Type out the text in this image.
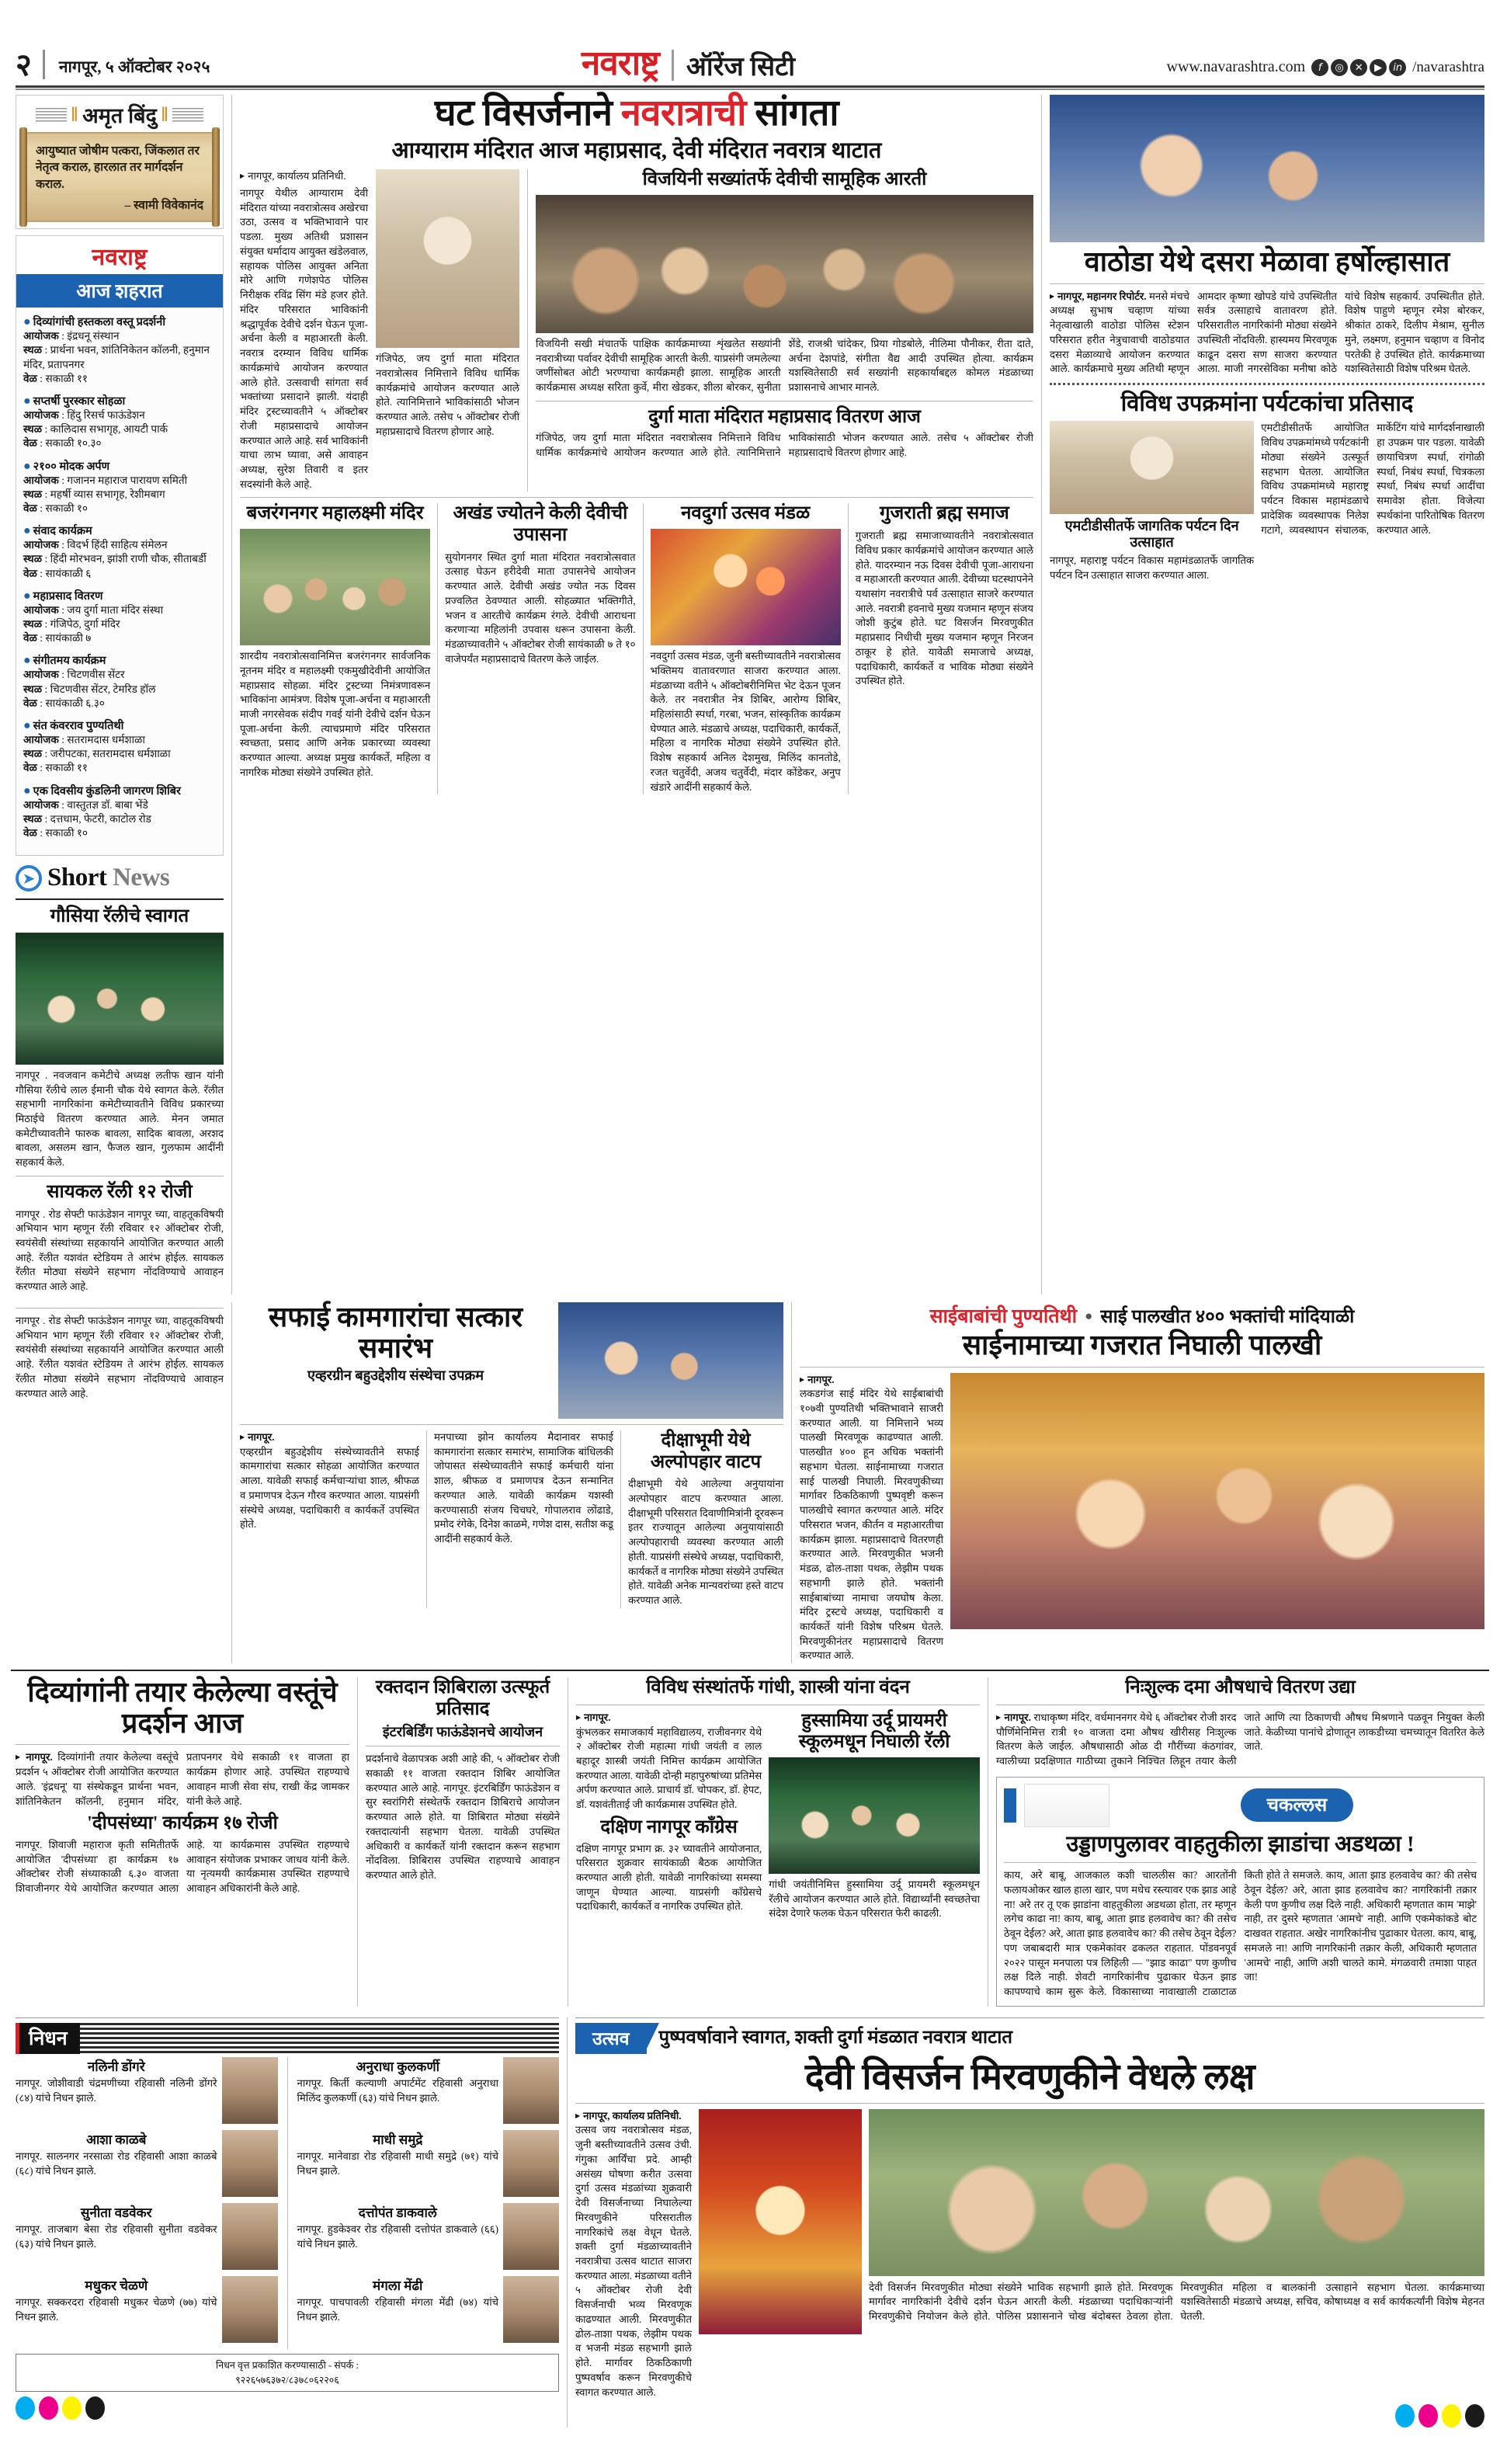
२ नागपूर, ५ ऑक्टोबर २०२५	नवराष्ट्र ऑरेंज सिटी	www.navarashtra.com	f	◎	✕	▶	in /navarashtra
‖ अमृत बिंदु ‖
आयुष्यात जोषीम पत्करा, जिंकलात तर नेतृत्व कराल, हारलात तर मार्गदर्शन कराल.
– स्वामी विवेकानंद
नवराष्ट्र
आज शहरात
● दिव्यांगांची हस्तकला वस्तू प्रदर्शनी
आयोजक : इंद्रधनू संस्थान
स्थळ : प्रार्थना भवन, शांतिनिकेतन कॉलनी, हनुमान मंदिर, प्रतापनगर
वेळ : सकाळी ११
● सप्तर्षी पुरस्कार सोहळा
आयोजक : हिंदु रिसर्च फाऊंडेशन
स्थळ : कालिदास सभागृह, आयटी पार्क
वेळ : सकाळी १०.३०
● २१०० मोदक अर्पण
आयोजक : गजानन महाराज पारायण समिती
स्थळ : महर्षी व्यास सभागृह, रेशीमबाग
वेळ : सकाळी १०
● संवाद कार्यक्रम
आयोजक : विदर्भ हिंदी साहित्य संमेलन
स्थळ : हिंदी मोरभवन, झांशी राणी चौक, सीताबर्डी
वेळ : सायंकाळी ६
● महाप्रसाद वितरण
आयोजक : जय दुर्गा माता मंदिर संस्था
स्थळ : गंजिपेठ, दुर्गा मंदिर
वेळ : सायंकाळी ७
● संगीतमय कार्यक्रम
आयोजक : चिटणवीस सेंटर
स्थळ : चिटणवीस सेंटर, टेमरिड हॉल
वेळ : सायंकाळी ६.३०
● संत कंवरराव पुण्यतिथी
आयोजक : सतरामदास धर्मशाळा
स्थळ : जरीपटका, सतरामदास धर्मशाळा
वेळ : सकाळी ११
● एक दिवसीय कुंडलिनी जागरण शिबिर
आयोजक : वास्तुतज्ञ डॉ. बाबा भेंडे
स्थळ : दत्तधाम, फेटरी, काटोल रोड
वेळ : सकाळी १०
➤ Short News
गौसिया रॅलीचे स्वागत
नागपूर . नवजवान कमेटीचे अध्यक्ष लतीफ खान यांनी गौसिया रॅलीचे लाल ईमानी चौक येथे स्वागत केले. रॅलीत सहभागी नागरिकांना कमेटीच्यावतीने विविध प्रकारच्या मिठाईचे वितरण करण्यात आले. मेनन जमात कमेटीच्यावतीने फारुक बावला, सादिक बावला, अरशद बावला, असलम खान, फैजल खान, गुलफाम आदींनी सहकार्य केले.
सायकल रॅली १२ रोजी
नागपूर . रोड सेफ्टी फाऊंडेशन नागपूर च्या, वाहतूकविषयी अभियान भाग म्हणून रॅली रविवार १२ ऑक्टोबर रोजी, स्वयंसेवी संस्थांच्या सहकार्याने आयोजित करण्यात आली आहे. रॅलीत यशवंत स्टेडियम ते आरंभ होईल. सायकल रॅलीत मोठ्या संख्येने सहभाग नोंदविण्याचे आवाहन करण्यात आले आहे.
घट विसर्जनाने नवरात्राची सांगता
आग्याराम मंदिरात आज महाप्रसाद, देवी मंदिरात नवरात्र थाटात
▶ नागपूर, कार्यालय प्रतिनिधी.
नागपूर येथील आग्याराम देवी मंदिरात यांच्या नवरात्रोत्सव अखेरचा उठा, उत्सव व भक्तिभावाने पार पडला. मुख्य अतिथी प्रशासन संयुक्त धर्मादाय आयुक्त खंडेलवाल, सहायक पोलिस आयुक्त अनिता मोरे आणि गणेशपेठ पोलिस निरीक्षक रविंद्र सिंग मंडे हजर होते. मंदिर परिसरात भाविकांनी श्रद्धापूर्वक देवीचे दर्शन घेऊन पूजा-अर्चना केली व महाआरती केली. नवरात्र दरम्यान विविध धार्मिक कार्यक्रमांचे आयोजन करण्यात आले होते. उत्सवाची सांगता सर्व भक्तांच्या प्रसादाने झाली. यंदाही मंदिर ट्रस्टच्यावतीने ५ ऑक्टोबर रोजी महाप्रसादाचे आयोजन करण्यात आले आहे. सर्व भाविकांनी याचा लाभ घ्यावा, असे आवाहन अध्यक्ष, सुरेश तिवारी व इतर सदस्यांनी केले आहे.
गंजिपेठ, जय दुर्गा माता मंदिरात नवरात्रोत्सव निमित्ताने विविध धार्मिक कार्यक्रमांचे आयोजन करण्यात आले होते. त्यानिमित्ताने भाविकांसाठी भोजन करण्यात आले. तसेच ५ ऑक्टोबर रोजी महाप्रसादाचे वितरण होणार आहे.
विजयिनी सख्यांतर्फे देवीची सामूहिक आरती
विजयिनी सखी मंचातर्फे पाक्षिक कार्यक्रमाच्या शृंखलेत सख्यांनी नवरात्रीच्या पर्वावर देवीची सामूहिक आरती केली. याप्रसंगी जमलेल्या जणींसोबत ओटी भरण्याचा कार्यक्रमही झाला. सामूहिक आरती कार्यक्रमास अध्यक्ष सरिता कुर्वे, मीरा खेडकर, शीला बोरकर, सुनीता शेंडे, राजश्री चांदेकर, प्रिया गोडबोले, नीलिमा पौनीकर, रीता दाते, अर्चना देशपांडे, संगीता वैद्य आदी उपस्थित होत्या. कार्यक्रम यशस्वितेसाठी सर्व सख्यांनी सहकार्याबद्दल कोमल मंडळाच्या प्रशासनाचे आभार मानले.
दुर्गा माता मंदिरात महाप्रसाद वितरण आज
गंजिपेठ, जय दुर्गा माता मंदिरात नवरात्रोत्सव निमित्ताने विविध धार्मिक कार्यक्रमांचे आयोजन करण्यात आले होते. त्यानिमित्ताने भाविकांसाठी भोजन करण्यात आले. तसेच ५ ऑक्टोबर रोजी महाप्रसादाचे वितरण होणार आहे.
बजरंगनगर महालक्ष्मी मंदिर
शारदीय नवरात्रोत्सवानिमित्त बजरंगनगर सार्वजनिक नूतनम मंदिर व महालक्ष्मी एकमुखीदेवीनी आयोजित महाप्रसाद सोहळा. मंदिर ट्रस्टच्या निमंत्रणावरून भाविकांना आमंत्रण. विशेष पूजा-अर्चना व महाआरती माजी नगरसेवक संदीप गवई यांनी देवीचे दर्शन घेऊन पूजा-अर्चना केली. त्याचप्रमाणे मंदिर परिसरात स्वच्छता, प्रसाद आणि अनेक प्रकारच्या व्यवस्था करण्यात आल्या. अध्यक्ष प्रमुख कार्यकर्ते, महिला व नागरिक मोठ्या संख्येने उपस्थित होते.
अखंड ज्योतने केली देवीची उपासना
सुयोगनगर स्थित दुर्गा माता मंदिरात नवरात्रोत्सवात उत्साह घेऊन हरीदेवी माता उपासनेचे आयोजन करण्यात आले. देवीची अखंड ज्योत नऊ दिवस प्रज्वलित ठेवण्यात आली. सोहळ्यात भक्तिगीते, भजन व आरतीचे कार्यक्रम रंगले. देवीची आराधना करणाऱ्या महिलांनी उपवास धरून उपासना केली. मंडळाच्यावतीने ५ ऑक्टोबर रोजी सायंकाळी ७ ते १० वाजेपर्यंत महाप्रसादाचे वितरण केले जाईल.
नवदुर्गा उत्सव मंडळ
नवदुर्गा उत्सव मंडळ, जुनी बस्तीच्यावतीने नवरात्रोत्सव भक्तिमय वातावरणात साजरा करण्यात आला. मंडळाच्या वतीने ५ ऑक्टोबरीनिमित्त भेट देऊन पूजन केले. तर नवरात्रीत नेत्र शिबिर, आरोग्य शिबिर, महिलांसाठी स्पर्धा, गरबा, भजन, सांस्कृतिक कार्यक्रम घेण्यात आले. मंडळाचे अध्यक्ष, पदाधिकारी, कार्यकर्ते, महिला व नागरिक मोठ्या संख्येने उपस्थित होते. विशेष सहकार्य अनिल देशमुख, मिलिंद कानतोडे, रजत चतुर्वेदी, अजय चतुर्वेदी, मंदार कोंडेकर, अनुप खंडारे आदींनी सहकार्य केले.
गुजराती ब्रह्म समाज
गुजराती ब्रह्म समाजाच्यावतीने नवरात्रोत्सवात विविध प्रकार कार्यक्रमांचे आयोजन करण्यात आले होते. यादरम्यान नऊ दिवस देवीची पूजा-आराधना व महाआरती करण्यात आली. देवीच्या घटस्थापनेने यथासांग नवरात्रीचे पर्व उत्साहात साजरे करण्यात आले. नवरात्री हवनाचे मुख्य यजमान म्हणून संजय जोशी कुटुंब होते. घट विसर्जन मिरवणुकीत महाप्रसाद निधीची मुख्य यजमान म्हणून निरजन ठाकूर हे होते. यावेळी समाजाचे अध्यक्ष, पदाधिकारी, कार्यकर्ते व भाविक मोठ्या संख्येने उपस्थित होते.
वाठोडा येथे दसरा मेळावा हर्षोल्हासात
▶ नागपूर, महानगर रिपोर्टर. मनसे मंचचे अध्यक्ष सुभाष चव्हाण यांच्या नेतृत्वाखाली वाठोडा पोलिस स्टेशन परिसरात हरीत नेत्रुचावाची वाठोडयात दसरा मेळाव्याचे आयोजन करण्यात आले. कार्यक्रमाचे मुख्य अतिथी म्हणून आमदार कृष्णा खोपडे यांचे उपस्थितीत सर्वत्र उत्साहाचे वातावरण होते. परिसरातील नागरिकांनी मोठ्या संख्येने उपस्थिती नोंदविली. हास्यमय मिरवणूक काढून दसरा सण साजरा करण्यात आला. माजी नगरसेविका मनीषा कोठे यांचे विशेष सहकार्य. उपस्थितीत होते. विशेष पाहुणे म्हणून रमेश बोरकर, श्रीकांत ठाकरे, दिलीप मेश्राम, सुनील मुने, लक्ष्मण, हनुमान चव्हाण व विनोद परतेकी हे उपस्थित होते. कार्यक्रमाच्या यशस्वितेसाठी विशेष परिश्रम घेतले.
विविध उपक्रमांना पर्यटकांचा प्रतिसाद
एमटीडीसीतर्फे जागतिक पर्यटन दिन उत्साहात
नागपूर, महाराष्ट्र पर्यटन विकास महामंडळातर्फे जागतिक पर्यटन दिन उत्साहात साजरा करण्यात आला.
एमटीडीसीतर्फे आयोजित विविध उपक्रमांमध्ये पर्यटकांनी मोठ्या संख्येने उत्स्फूर्त सहभाग घेतला. आयोजित विविध उपक्रमांमध्ये महाराष्ट्र पर्यटन विकास महामंडळाचे प्रादेशिक व्यवस्थापक निलेश गटागे, व्यवस्थापन संचालक, मार्केटिंग यांचे मार्गदर्शनाखाली हा उपक्रम पार पडला. यावेळी छायाचित्रण स्पर्धा, रांगोळी स्पर्धा, निबंध स्पर्धा, चित्रकला स्पर्धा, निबंध स्पर्धा आदींचा समावेश होता. विजेत्या स्पर्धकांना पारितोषिक वितरण करण्यात आले.
नागपूर . रोड सेफ्टी फाऊंडेशन नागपूर च्या, वाहतूकविषयी अभियान भाग म्हणून रॅली रविवार १२ ऑक्टोबर रोजी, स्वयंसेवी संस्थांच्या सहकार्याने आयोजित करण्यात आली आहे. रॅलीत यशवंत स्टेडियम ते आरंभ होईल. सायकल रॅलीत मोठ्या संख्येने सहभाग नोंदविण्याचे आवाहन करण्यात आले आहे.
सफाई कामगारांचा सत्कार समारंभ
एव्हरग्रीन बहुउद्देशीय संस्थेचा उपक्रम
▶ नागपूर.
एव्हरग्रीन बहुउद्देशीय संस्थेच्यावतीने सफाई कामगारांचा सत्कार सोहळा आयोजित करण्यात आला. यावेळी सफाई कर्मचाऱ्यांचा शाल, श्रीफळ व प्रमाणपत्र देऊन गौरव करण्यात आला. याप्रसंगी संस्थेचे अध्यक्ष, पदाधिकारी व कार्यकर्ते उपस्थित होते.
मनपाच्या झोन कार्यालय मैदानावर सफाई कामगारांना सत्कार समारंभ, सामाजिक बांधिलकी जोपासत संस्थेच्यावतीने सफाई कर्मचारी यांना शाल, श्रीफळ व प्रमाणपत्र देऊन सन्मानित करण्यात आले. यावेळी कार्यक्रम यशस्वी करण्यासाठी संजय चिचघरे, गोपालराव लोंढाडे, प्रमोद रंगेके, दिनेश काळमे, गणेश दास, सतीश कडू आदींनी सहकार्य केले.
दीक्षाभूमी येथे अल्पोपहार वाटप
दीक्षाभूमी येथे आलेल्या अनुयायांना अल्पोपहार वाटप करण्यात आला. दीक्षाभूमी परिसरात दिवाणीमित्रांनी दूरवरून इतर राज्यातून आलेल्या अनुयायांसाठी अल्पोपहाराची व्यवस्था करण्यात आली होती. याप्रसंगी संस्थेचे अध्यक्ष, पदाधिकारी, कार्यकर्ते व नागरिक मोठ्या संख्येने उपस्थित होते. यावेळी अनेक मान्यवरांच्या हस्ते वाटप करण्यात आले.
साईबाबांची पुण्यतिथी ● साई पालखीत ४०० भक्तांची मांदियाळी
साईनामाच्या गजरात निघाली पालखी
▶ नागपूर.
लकडगंज साई मंदिर येथे साईबाबांची १०७वी पुण्यतिथी भक्तिभावाने साजरी करण्यात आली. या निमित्ताने भव्य पालखी मिरवणूक काढण्यात आली. पालखीत ४०० हून अधिक भक्तांनी सहभाग घेतला. साईनामाच्या गजरात साई पालखी निघाली. मिरवणुकीच्या मार्गावर ठिकठिकाणी पुष्पवृष्टी करून पालखीचे स्वागत करण्यात आले. मंदिर परिसरात भजन, कीर्तन व महाआरतीचा कार्यक्रम झाला. महाप्रसादाचे वितरणही करण्यात आले. मिरवणुकीत भजनी मंडळ, ढोल-ताशा पथक, लेझीम पथक सहभागी झाले होते. भक्तांनी साईबाबांच्या नामाचा जयघोष केला. मंदिर ट्रस्टचे अध्यक्ष, पदाधिकारी व कार्यकर्ते यांनी विशेष परिश्रम घेतले. मिरवणुकीनंतर महाप्रसादाचे वितरण करण्यात आले.
दिव्यांगांनी तयार केलेल्या वस्तूंचे प्रदर्शन आज
▶ नागपूर. दिव्यांगांनी तयार केलेल्या वस्तूंचे प्रदर्शन ५ ऑक्टोबर रोजी आयोजित करण्यात आले. 'इंद्रधनू' या संस्थेकडून प्रार्थना भवन, शांतिनिकेतन कॉलनी, हनुमान मंदिर, प्रतापनगर येथे सकाळी ११ वाजता हा कार्यक्रम होणार आहे. उपस्थित राहण्याचे आवाहन माजी सेवा संघ, राखी केंद्र जामकर यांनी केले आहे.
'दीपसंध्या' कार्यक्रम १७ रोजी
नागपूर. शिवाजी महाराज कृती समितीतर्फे आयोजित 'दीपसंध्या' हा कार्यक्रम १७ ऑक्टोबर रोजी संध्याकाळी ६.३० वाजता शिवाजीनगर येथे आयोजित करण्यात आला आहे. या कार्यक्रमास उपस्थित राहण्याचे आवाहन संयोजक प्रभाकर जाधव यांनी केले. या नृत्यमयी कार्यक्रमास उपस्थित राहण्याचे आवाहन अधिकारांनी केले आहे.
रक्तदान शिबिराला उत्स्फूर्त प्रतिसाद
इंटरबिर्डिंग फाऊंडेशनचे आयोजन
प्रदर्शनाचे वेळापत्रक अशी आहे की, ५ ऑक्टोबर रोजी सकाळी ११ वाजता रक्तदान शिबिर आयोजित करण्यात आले आहे. नागपूर. इंटरबिर्डिंग फाऊंडेशन व सुर स्वरांगिरी संस्थेतर्फे रक्तदान शिबिराचे आयोजन करण्यात आले होते. या शिबिरात मोठ्या संख्येने रक्तदात्यांनी सहभाग घेतला. यावेळी उपस्थित अधिकारी व कार्यकर्ते यांनी रक्तदान करून सहभाग नोंदविला. शिबिरास उपस्थित राहण्याचे आवाहन करण्यात आले होते.
विविध संस्थांतर्फे गांधी, शास्त्री यांना वंदन
▶ नागपूर.
कुंभलकर समाजकार्य महाविद्यालय, राजीवनगर येथे २ ऑक्टोबर रोजी महात्मा गांधी जयंती व लाल बहादूर शास्त्री जयंती निमित्त कार्यक्रम आयोजित करण्यात आला. यावेळी दोन्ही महापुरुषांच्या प्रतिमेस अर्पण करण्यात आले. प्राचार्य डॉ. चोपकर, डॉ. हेपट, डॉ. यशवंतीताई जी कार्यक्रमास उपस्थित होते.
दक्षिण नागपूर काँग्रेस
दक्षिण नागपूर प्रभाग क्र. ३२ च्यावतीने आयोजनात, परिसरात शुक्रवार सायंकाळी बैठक आयोजित करण्यात आली होती. यावेळी नागरिकांच्या समस्या जाणून घेण्यात आल्या. याप्रसंगी काँग्रेसचे पदाधिकारी, कार्यकर्ते व नागरिक उपस्थित होते.
हुस्सामिया उर्दू प्रायमरी स्कूलमधून निघाली रॅली
गांधी जयंतीनिमित्त हुस्सामिया उर्दू प्रायमरी स्कूलमधून रॅलीचे आयोजन करण्यात आले होते. विद्यार्थ्यांनी स्वच्छतेचा संदेश देणारे फलक घेऊन परिसरात फेरी काढली.
निःशुल्क दमा औषधाचे वितरण उद्या
▶ नागपूर. राधाकृष्ण मंदिर, वर्धमाननगर येथे ६ ऑक्टोबर रोजी शरद पौर्णिमेनिमित्त रात्री १० वाजता दमा औषध खीरीसह निःशुल्क वितरण केले जाईल. औषधासाठी ओळ दी गौरींच्या कंठगांवर, ग्वालीच्या प्रदक्षिणात गाठीच्या तुकाने निश्चित लिहून तयार केली जाते आणि त्या ठिकाणची औषध मिश्रणाने पळवून नियुक्त केली जाते. केळीच्या पानांचे द्रोणातून लाकडीच्या चमच्यातून वितरित केले जाते.
चकल्लस
उड्डाणपुलावर वाहतुकीला झाडांचा अडथळा !
काय, अरे बाबू, आजकाल कशी चाललीस का? आरतोंनी फलायओकर खाल हाला खार, पण मधेच रस्त्यावर एक झाड आहे ना! अरे तर तू एक झाडांना वाहतुकीला अडथळा होता, तर म्हणून लगेच काढा ना! काय, बाबू, आता झाड हलवावेच का? की तसेच ठेवून देईल? अरे, आता झाड हलवावेच का? की तसेच ठेवून देईल? पण जबाबदारी मात्र एकमेकांवर ढकलत राहतात. पोंडवनपूर्व २०२२ पासून मनपाला पत्र लिहिली — "झाड काढा" पण कुणीच लक्ष दिले नाही. शेवटी नागरिकांनीच पुढाकार घेऊन झाड कापण्याचे काम सुरू केले. विकासाच्या नावाखाली टाळाटाळ किती होते ते समजले. काय, आता झाड हलवावेच का? की तसेच ठेवून देईल? अरे, आता झाड हलवावेच का? नागरिकांनी तक्रार केली पण कुणीच लक्ष दिले नाही. अधिकारी म्हणतात काम 'माझे' नाही, तर दुसरे म्हणतात 'आमचे' नाही. आणि एकमेकांकडे बोट दाखवत राहतात. अखेर नागरिकांनीच पुढाकार घेतला. काय, बाबू, समजले ना! आणि नागरिकांनी तक्रार केली, अधिकारी म्हणतात 'आमचे' नाही, आणि अशी चालते कामे. मंगळवारी तमाशा पाहत जा!
निधन
नलिनी डोंगरे
नागपूर. जोशीवाडी चंद्रमणीच्या रहिवासी नलिनी डोंगरे (८४) यांचे निधन झाले.
आशा काळबे
नागपूर. सालनगर नरसाळा रोड रहिवासी आशा काळबे (६८) यांचे निधन झाले.
सुनीता वडवेकर
नागपूर. ताजबाग बेसा रोड रहिवासी सुनीता वडवेकर (६३) यांचे निधन झाले.
मधुकर चेळणे
नागपूर. सक्करदरा रहिवासी मधुकर चेळणे (७७) यांचे निधन झाले.
अनुराधा कुलकर्णी
नागपूर. किर्ती कल्याणी अपार्टमेंट रहिवासी अनुराधा मिलिंद कुलकर्णी (६३) यांचे निधन झाले.
माधी समुद्रे
नागपूर. मानेवाडा रोड रहिवासी माधी समुद्रे (७१) यांचे निधन झाले.
दत्तोपंत डाकवाले
नागपूर. हुडकेश्वर रोड रहिवासी दत्तोपंत डाकवाले (६६) यांचे निधन झाले.
मंगला मेंढी
नागपूर. पाचपावली रहिवासी मंगला मेंढी (७४) यांचे निधन झाले.
निधन वृत्त प्रकाशित करण्यासाठी - संपर्क :
९२२६५७६३७२/८३७८०६२२०६
उत्सव	पुष्पवर्षावाने स्वागत, शक्ती दुर्गा मंडळात नवरात्र थाटात
देवी विसर्जन मिरवणुकीने वेधले लक्ष
▶ नागपूर, कार्यालय प्रतिनिधी.
उत्सव जय नवरात्रोत्सव मंडळ, जुनी बस्तीच्यावतीने उत्सव उंची. गंगुका आर्यिंचा प्रदे. आम्ही असंख्य घोषणा करीत उत्सवा दुर्गा उत्सव मंडळांच्या शुक्रवारी देवी विसर्जनाच्या निघालेल्या मिरवणुकीने परिसरातील नागरिकांचे लक्ष वेधून घेतले. शक्ती दुर्गा मंडळाच्यावतीने नवरात्रीचा उत्सव थाटात साजरा करण्यात आला. मंडळाच्या वतीने ५ ऑक्टोबर रोजी देवी विसर्जनाची भव्य मिरवणूक काढण्यात आली. मिरवणुकीत ढोल-ताशा पथक, लेझीम पथक व भजनी मंडळ सहभागी झाले होते. मार्गावर ठिकठिकाणी पुष्पवर्षाव करून मिरवणुकीचे स्वागत करण्यात आले.
देवी विसर्जन मिरवणुकीत मोठ्या संख्येने भाविक सहभागी झाले होते. मिरवणूक मार्गावर नागरिकांनी देवीचे दर्शन घेऊन आरती केली. मंडळाच्या पदाधिकाऱ्यांनी मिरवणुकीचे नियोजन केले होते. पोलिस प्रशासनाने चोख बंदोबस्त ठेवला होता. मिरवणुकीत महिला व बालकांनी उत्साहाने सहभाग घेतला. कार्यक्रमाच्या यशस्वितेसाठी मंडळाचे अध्यक्ष, सचिव, कोषाध्यक्ष व सर्व कार्यकर्त्यांनी विशेष मेहनत घेतली.
